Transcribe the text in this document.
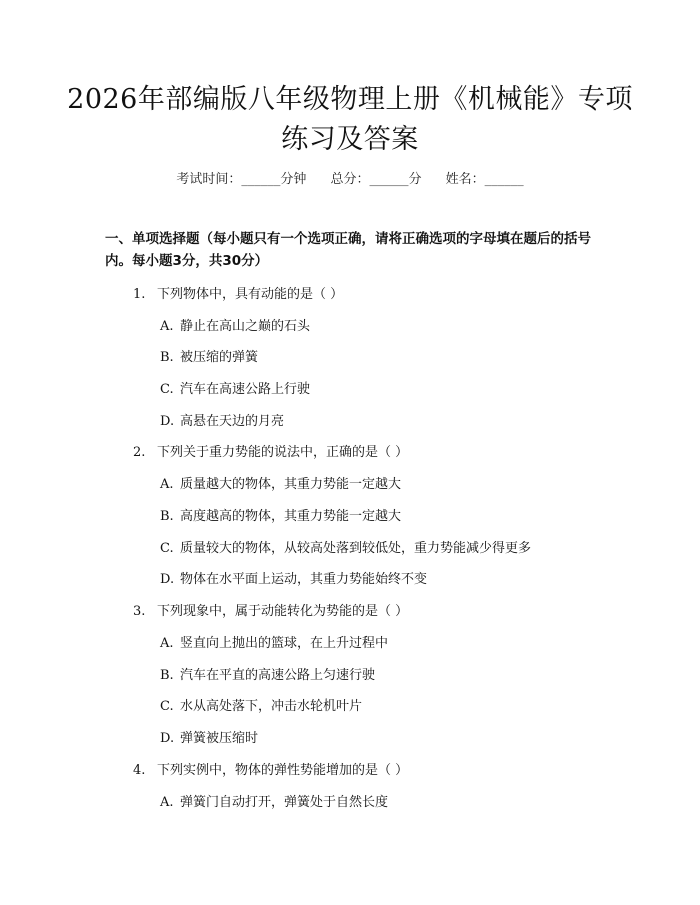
2026年部编版八年级物理上册《机械能》专项练习及答案
考试时间：______分钟 总分：______分 姓名：______
一、单项选择题（每小题只有一个选项正确，请将正确选项的字母填在题后的括号内。每小题3分，共30分）
1. 下列物体中，具有动能的是（ ）
A. 静止在高山之巅的石头
B. 被压缩的弹簧
C. 汽车在高速公路上行驶
D. 高悬在天边的月亮
2. 下列关于重力势能的说法中，正确的是（ ）
A. 质量越大的物体，其重力势能一定越大
B. 高度越高的物体，其重力势能一定越大
C. 质量较大的物体，从较高处落到较低处，重力势能减少得更多
D. 物体在水平面上运动，其重力势能始终不变
3. 下列现象中，属于动能转化为势能的是（ ）
A. 竖直向上抛出的篮球，在上升过程中
B. 汽车在平直的高速公路上匀速行驶
C. 水从高处落下，冲击水轮机叶片
D. 弹簧被压缩时
4. 下列实例中，物体的弹性势能增加的是（ ）
A. 弹簧门自动打开，弹簧处于自然长度
